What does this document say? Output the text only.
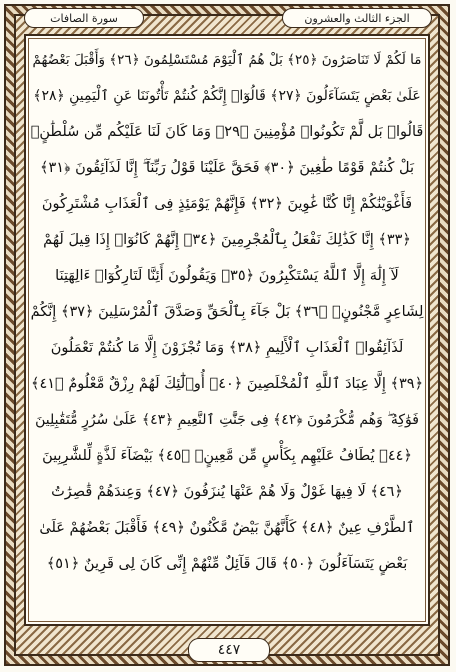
الجزء الثالث والعشرون
سورة الصافات
مَا لَكُمْ لَا تَنَاصَرُونَ ﴿٢٥﴾ بَلْ هُمُ ٱلْيَوْمَ مُسْتَسْلِمُونَ ﴿٢٦﴾ وَأَقْبَلَ بَعْضُهُمْ
عَلَىٰ بَعْضٍ يَتَسَآءَلُونَ ﴿٢٧﴾ قَالُوٓا۟ إِنَّكُمْ كُنتُمْ تَأْتُونَنَا عَنِ ٱلْيَمِينِ ﴿٢٨﴾
قَالُوا۟ بَل لَّمْ تَكُونُوا۟ مُؤْمِنِينَ ﴿٢٩﴾ وَمَا كَانَ لَنَا عَلَيْكُم مِّن سُلْطَٰنٍۭ
بَلْ كُنتُمْ قَوْمًا طَٰغِينَ ﴿٣٠﴾ فَحَقَّ عَلَيْنَا قَوْلُ رَبِّنَآ ۖ إِنَّا لَذَآئِقُونَ ﴿٣١﴾
فَأَغْوَيْنَٰكُمْ إِنَّا كُنَّا غَٰوِينَ ﴿٣٢﴾ فَإِنَّهُمْ يَوْمَئِذٍ فِى ٱلْعَذَابِ مُشْتَرِكُونَ
﴿٣٣﴾ إِنَّا كَذَٰلِكَ نَفْعَلُ بِٱلْمُجْرِمِينَ ﴿٣٤﴾ إِنَّهُمْ كَانُوٓا۟ إِذَا قِيلَ لَهُمْ
لَآ إِلَٰهَ إِلَّا ٱللَّهُ يَسْتَكْبِرُونَ ﴿٣٥﴾ وَيَقُولُونَ أَئِنَّا لَتَارِكُوٓا۟ ءَالِهَتِنَا
لِشَاعِرٍ مَّجْنُونٍۭ ﴿٣٦﴾ بَلْ جَآءَ بِٱلْحَقِّ وَصَدَّقَ ٱلْمُرْسَلِينَ ﴿٣٧﴾ إِنَّكُمْ
لَذَآئِقُوا۟ ٱلْعَذَابِ ٱلْأَلِيمِ ﴿٣٨﴾ وَمَا تُجْزَوْنَ إِلَّا مَا كُنتُمْ تَعْمَلُونَ
﴿٣٩﴾ إِلَّا عِبَادَ ٱللَّهِ ٱلْمُخْلَصِينَ ﴿٤٠﴾ أُو۟لَٰٓئِكَ لَهُمْ رِزْقٌ مَّعْلُومٌ ﴿٤١﴾
فَوَٰكِهُ ۖ وَهُم مُّكْرَمُونَ ﴿٤٢﴾ فِى جَنَّٰتِ ٱلنَّعِيمِ ﴿٤٣﴾ عَلَىٰ سُرُرٍ مُّتَقَٰبِلِينَ
﴿٤٤﴾ يُطَافُ عَلَيْهِم بِكَأْسٍ مِّن مَّعِينٍۭ ﴿٤٥﴾ بَيْضَآءَ لَذَّةٍ لِّلشَّٰرِبِينَ
﴿٤٦﴾ لَا فِيهَا غَوْلٌ وَلَا هُمْ عَنْهَا يُنزَفُونَ ﴿٤٧﴾ وَعِندَهُمْ قَٰصِرَٰتُ
ٱلطَّرْفِ عِينٌ ﴿٤٨﴾ كَأَنَّهُنَّ بَيْضٌ مَّكْنُونٌ ﴿٤٩﴾ فَأَقْبَلَ بَعْضُهُمْ عَلَىٰ
بَعْضٍ يَتَسَآءَلُونَ ﴿٥٠﴾ قَالَ قَآئِلٌ مِّنْهُمْ إِنِّى كَانَ لِى قَرِينٌ ﴿٥١﴾
٤٤٧
